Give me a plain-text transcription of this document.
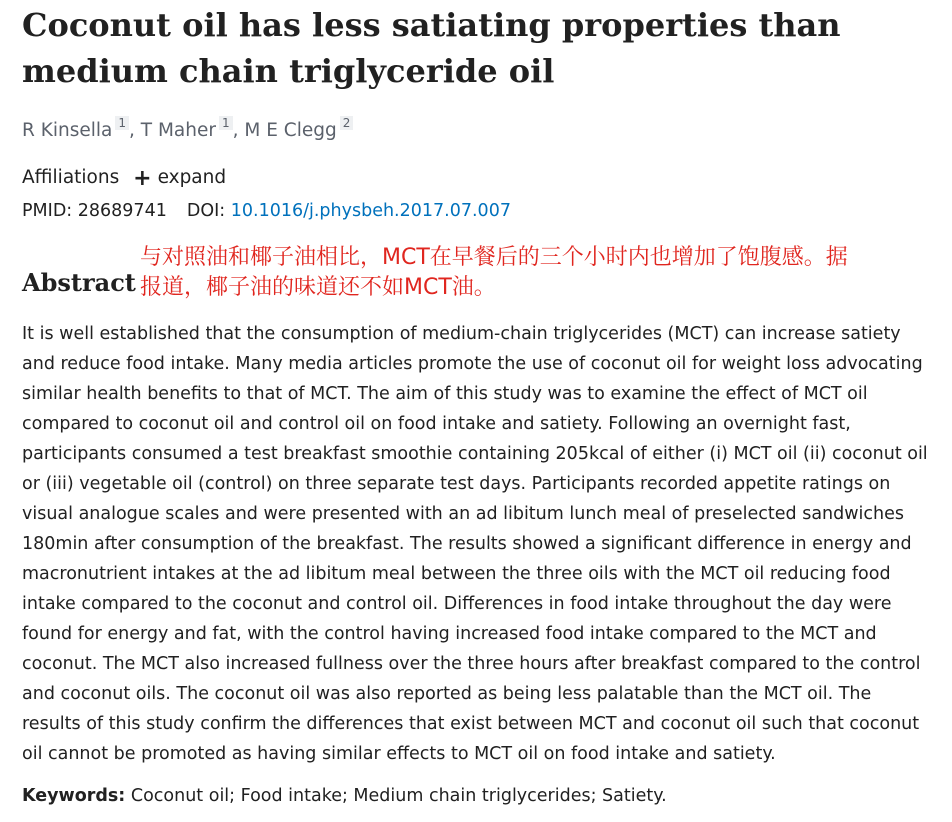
Coconut oil has less satiating properties than medium chain triglyceride oil
R Kinsella $^1$ , T Maher $^1$ , M E Clegg $^2$
Affiliations + expand
PMID: 28689741 DOI: 10.1016/j.physbeh.2017.07.007
Abstract
与对照油和椰子油相比，MCT在早餐后的三个小时内也增加了饱腹感。据报道，椰子油的味道还不如MCT油。

It is well established that the consumption of medium-chain triglycerides (MCT) can increase satiety and reduce food intake. Many media articles promote the use of coconut oil for weight loss advocating similar health benefits to that of MCT. The aim of this study was to examine the effect of MCT oil compared to coconut oil and control oil on food intake and satiety. Following an overnight fast, participants consumed a test breakfast smoothie containing 205kcal of either (i) MCT oil (ii) coconut oil or (iii) vegetable oil (control) on three separate test days. Participants recorded appetite ratings on visual analogue scales and were presented with an ad libitum lunch meal of preselected sandwiches 180min after consumption of the breakfast. The results showed a significant difference in energy and macronutrient intakes at the ad libitum meal between the three oils with the MCT oil reducing food intake compared to the coconut and control oil. Differences in food intake throughout the day were found for energy and fat, with the control having increased food intake compared to the MCT and coconut. The MCT also increased fullness over the three hours after breakfast compared to the control and coconut oils. The coconut oil was also reported as being less palatable than the MCT oil. The results of this study confirm the differences that exist between MCT and coconut oil such that coconut oil cannot be promoted as having similar effects to MCT oil on food intake and satiety.

Keywords: Coconut oil; Food intake; Medium chain triglycerides; Satiety.
